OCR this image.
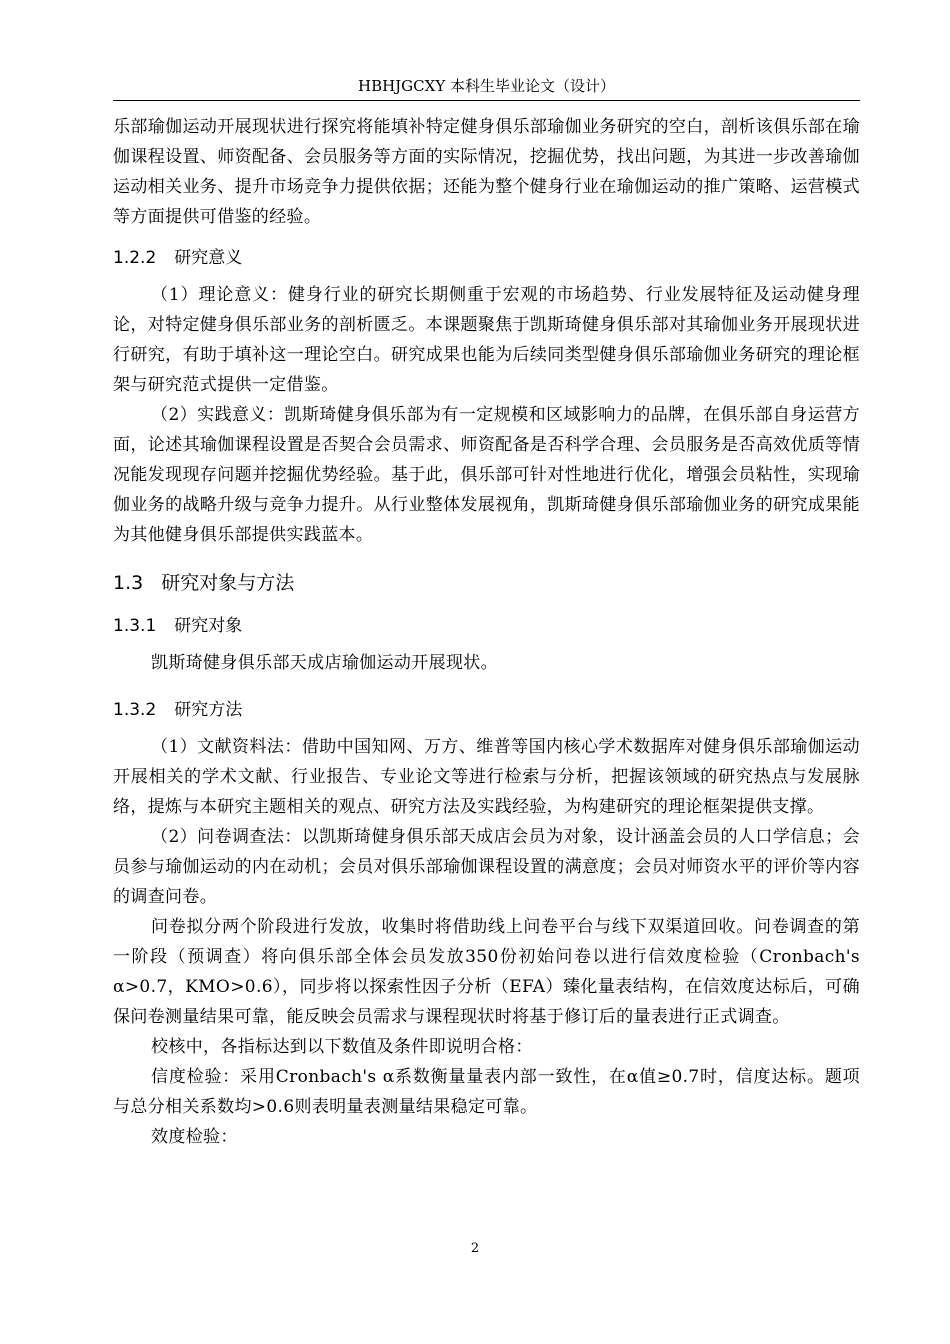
HBHJGCXY 本科生毕业论文（设计）

乐部瑜伽运动开展现状进行探究将能填补特定健身俱乐部瑜伽业务研究的空白，剖析该俱乐部在瑜伽课程设置、师资配备、会员服务等方面的实际情况，挖掘优势，找出问题，为其进一步改善瑜伽运动相关业务、提升市场竞争力提供依据；还能为整个健身行业在瑜伽运动的推广策略、运营模式等方面提供可借鉴的经验。

1.2.2 研究意义

（1）理论意义：健身行业的研究长期侧重于宏观的市场趋势、行业发展特征及运动健身理论，对特定健身俱乐部业务的剖析匮乏。本课题聚焦于凯斯琦健身俱乐部对其瑜伽业务开展现状进行研究，有助于填补这一理论空白。研究成果也能为后续同类型健身俱乐部瑜伽业务研究的理论框架与研究范式提供一定借鉴。

（2）实践意义：凯斯琦健身俱乐部为有一定规模和区域影响力的品牌，在俱乐部自身运营方面，论述其瑜伽课程设置是否契合会员需求、师资配备是否科学合理、会员服务是否高效优质等情况能发现现存问题并挖掘优势经验。基于此，俱乐部可针对性地进行优化，增强会员粘性，实现瑜伽业务的战略升级与竞争力提升。从行业整体发展视角，凯斯琦健身俱乐部瑜伽业务的研究成果能为其他健身俱乐部提供实践蓝本。

1.3 研究对象与方法
1.3.1 研究对象

凯斯琦健身俱乐部天成店瑜伽运动开展现状。

1.3.2 研究方法

（1）文献资料法：借助中国知网、万方、维普等国内核心学术数据库对健身俱乐部瑜伽运动开展相关的学术文献、行业报告、专业论文等进行检索与分析，把握该领域的研究热点与发展脉络，提炼与本研究主题相关的观点、研究方法及实践经验，为构建研究的理论框架提供支撑。

（2）问卷调查法：以凯斯琦健身俱乐部天成店会员为对象，设计涵盖会员的人口学信息；会员参与瑜伽运动的内在动机；会员对俱乐部瑜伽课程设置的满意度；会员对师资水平的评价等内容的调查问卷。

问卷拟分两个阶段进行发放，收集时将借助线上问卷平台与线下双渠道回收。问卷调查的第一阶段（预调查）将向俱乐部全体会员发放350份初始问卷以进行信效度检验（Cronbach's α>0.7，KMO>0.6），同步将以探索性因子分析（EFA）臻化量表结构，在信效度达标后，可确保问卷测量结果可靠，能反映会员需求与课程现状时将基于修订后的量表进行正式调查。

校核中，各指标达到以下数值及条件即说明合格：

信度检验：采用Cronbach's α系数衡量量表内部一致性，在α值≥0.7时，信度达标。题项与总分相关系数均>0.6则表明量表测量结果稳定可靠。

效度检验：

2
